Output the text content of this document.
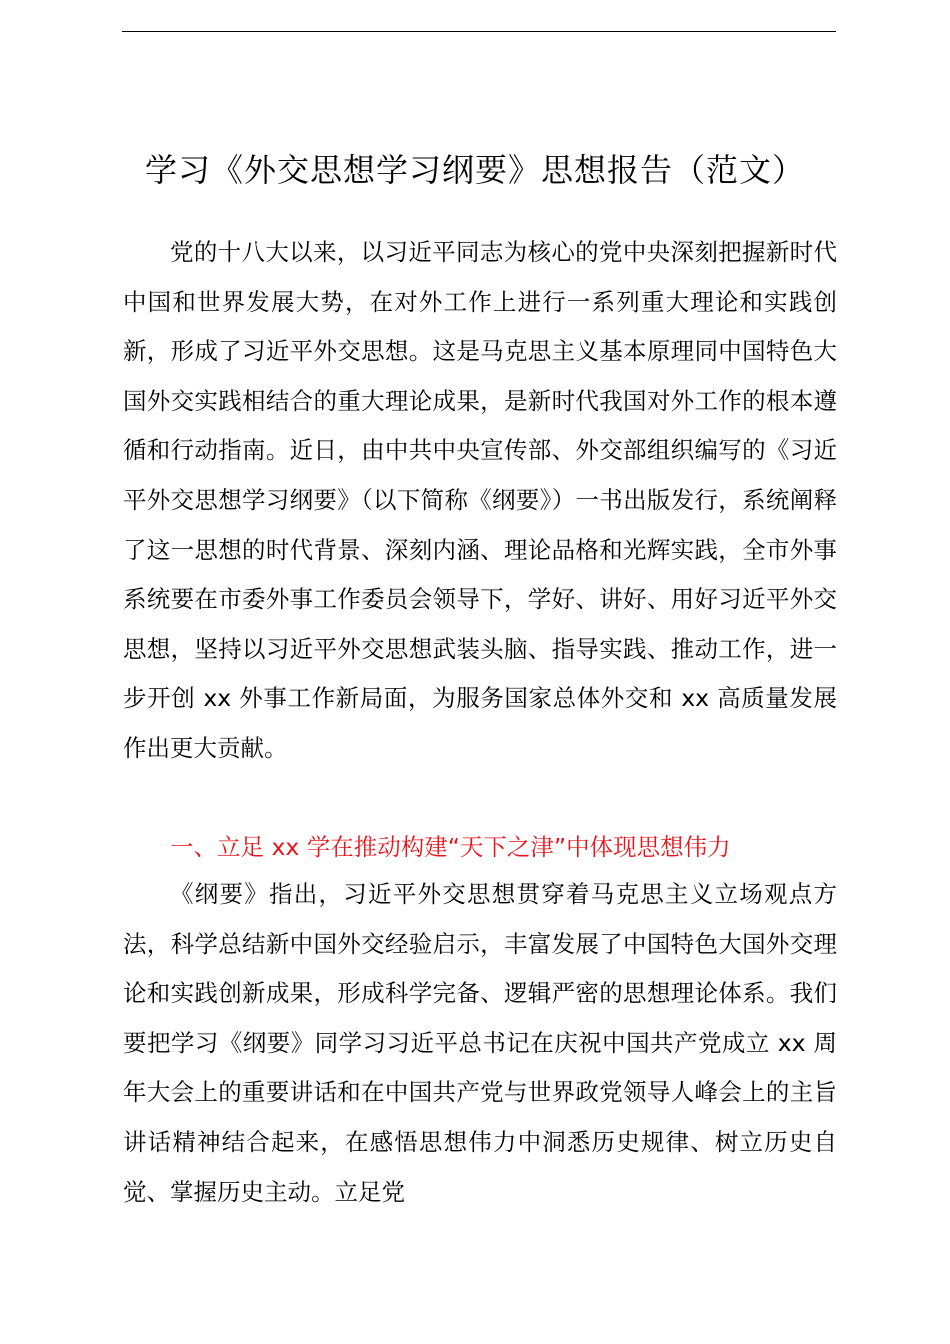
学习《外交思想学习纲要》思想报告（范文）

党的十八大以来，以习近平同志为核心的党中央深刻把握新时代中国和世界发展大势，在对外工作上进行一系列重大理论和实践创新，形成了习近平外交思想。这是马克思主义基本原理同中国特色大国外交实践相结合的重大理论成果，是新时代我国对外工作的根本遵循和行动指南。近日，由中共中央宣传部、外交部组织编写的《习近平外交思想学习纲要》（以下简称《纲要》）一书出版发行，系统阐释了这一思想的时代背景、深刻内涵、理论品格和光辉实践，全市外事系统要在市委外事工作委员会领导下，学好、讲好、用好习近平外交思想，坚持以习近平外交思想武装头脑、指导实践、推动工作，进一步开创 xx 外事工作新局面，为服务国家总体外交和 xx 高质量发展作出更大贡献。

一、立足 xx 学在推动构建“天下之津”中体现思想伟力

《纲要》指出，习近平外交思想贯穿着马克思主义立场观点方法，科学总结新中国外交经验启示，丰富发展了中国特色大国外交理论和实践创新成果，形成科学完备、逻辑严密的思想理论体系。我们要把学习《纲要》同学习习近平总书记在庆祝中国共产党成立 xx 周年大会上的重要讲话和在中国共产党与世界政党领导人峰会上的主旨讲话精神结合起来，在感悟思想伟力中洞悉历史规律、树立历史自觉、掌握历史主动。立足党
